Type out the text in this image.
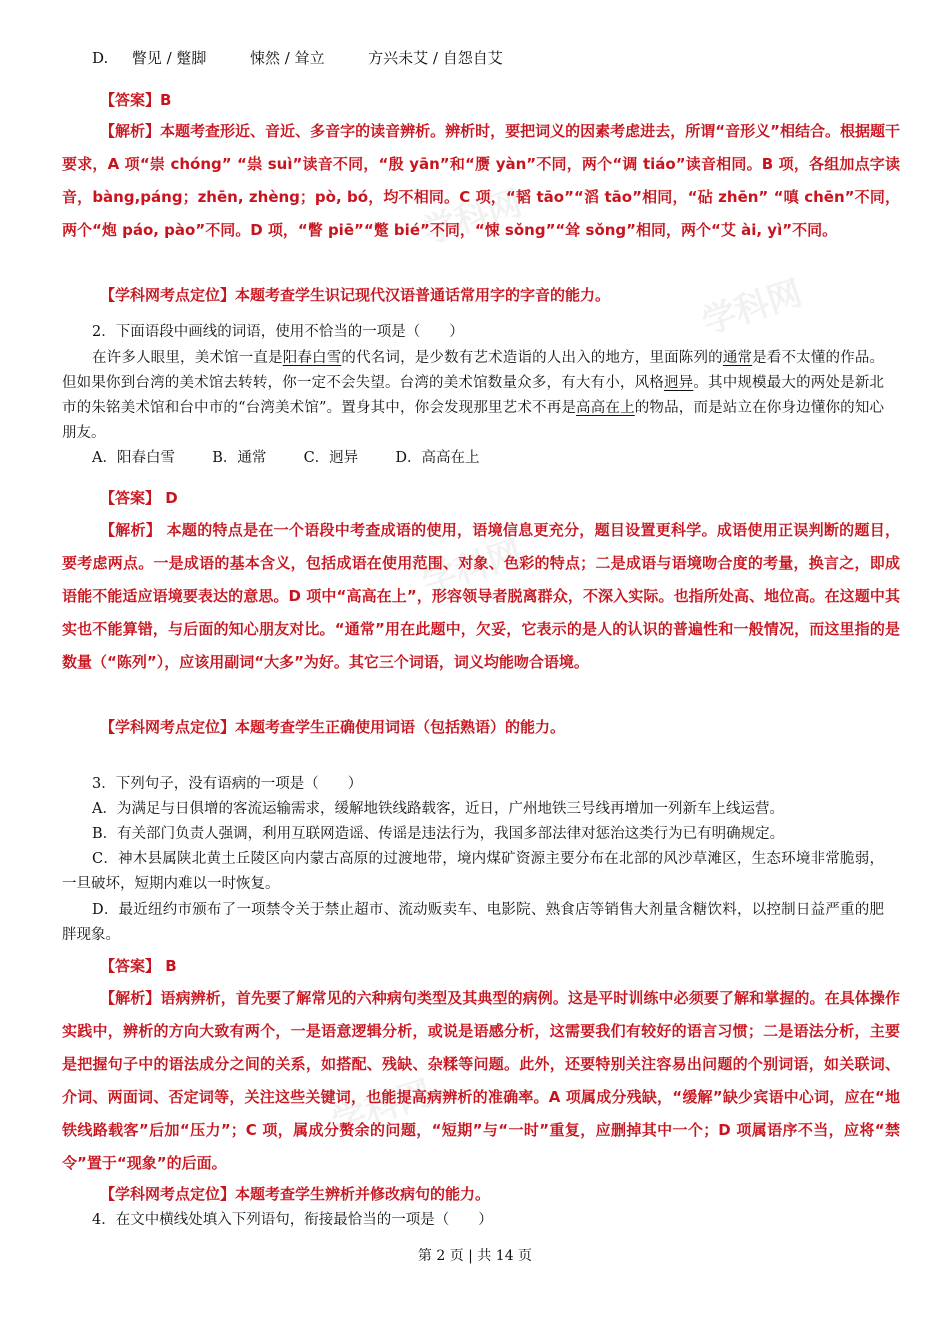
学科网
学科网
学科网
学科网
D. 瞥见 / 蹩脚	悚然 / 耸立	方兴未艾 / 自怨自艾
【答案】B
【解析】本题考查形近、音近、多音字的读音辨析。辨析时，要把词义的因素考虑进去，所谓“音形义”相结合。根据题干要求，A 项“崇 chóng” “祟 suì”读音不同，“殷 yān”和“赝 yàn”不同，两个“调 tiáo”读音相同。B 项，各组加点字读音，bàng,páng；zhēn, zhèng；pò, bó，均不相同。C 项，“韬 tāo”“滔 tāo”相同，“砧 zhēn” “嗔 chēn”不同，两个“炮 páo, pào”不同。D 项，“瞥 piē”“蹩 bié”不同，“悚 sǒng”“耸 sǒng”相同，两个“艾 ài, yì”不同。
【学科网考点定位】本题考查学生识记现代汉语普通话常用字的字音的能力。
2．下面语段中画线的词语，使用不恰当的一项是（　　）
在许多人眼里，美术馆一直是阳春白雪的代名词，是少数有艺术造诣的人出入的地方，里面陈列的通常是看不太懂的作品。但如果你到台湾的美术馆去转转，你一定不会失望。台湾的美术馆数量众多，有大有小，风格迥异。其中规模最大的两处是新北市的朱铭美术馆和台中市的“台湾美术馆”。置身其中，你会发现那里艺术不再是高高在上的物品，而是站立在你身边懂你的知心朋友。
A．阳春白雪	B．通常	C．迥异	D．高高在上
【答案】 D
【解析】 本题的特点是在一个语段中考查成语的使用，语境信息更充分，题目设置更科学。成语使用正误判断的题目，要考虑两点。一是成语的基本含义，包括成语在使用范围、对象、色彩的特点；二是成语与语境吻合度的考量，换言之，即成语能不能适应语境要表达的意思。D 项中“高高在上”，形容领导者脱离群众，不深入实际。也指所处高、地位高。在这题中其实也不能算错，与后面的知心朋友对比。“通常”用在此题中，欠妥，它表示的是人的认识的普遍性和一般情况，而这里指的是数量（“陈列”），应该用副词“大多”为好。其它三个词语，词义均能吻合语境。
【学科网考点定位】本题考查学生正确使用词语（包括熟语）的能力。
3．下列句子，没有语病的一项是（　　）
A．为满足与日俱增的客流运输需求，缓解地铁线路载客，近日，广州地铁三号线再增加一列新车上线运营。
B．有关部门负责人强调，利用互联网造谣、传谣是违法行为，我国多部法律对惩治这类行为已有明确规定。
C．神木县属陕北黄土丘陵区向内蒙古高原的过渡地带，境内煤矿资源主要分布在北部的风沙草滩区，生态环境非常脆弱，一旦破坏，短期内难以一时恢复。
D．最近纽约市颁布了一项禁令关于禁止超市、流动贩卖车、电影院、熟食店等销售大剂量含糖饮料，以控制日益严重的肥胖现象。
【答案】 B
【解析】语病辨析，首先要了解常见的六种病句类型及其典型的病例。这是平时训练中必须要了解和掌握的。在具体操作实践中，辨析的方向大致有两个，一是语意逻辑分析，或说是语感分析，这需要我们有较好的语言习惯；二是语法分析，主要是把握句子中的语法成分之间的关系，如搭配、残缺、杂糅等问题。此外，还要特别关注容易出问题的个别词语，如关联词、介词、两面词、否定词等，关注这些关键词，也能提高病辨析的准确率。A 项属成分残缺，“缓解”缺少宾语中心词，应在“地铁线路载客”后加“压力”；C 项，属成分赘余的问题，“短期”与“一时”重复，应删掉其中一个；D 项属语序不当，应将“禁令”置于“现象”的后面。
【学科网考点定位】本题考查学生辨析并修改病句的能力。
4．在文中横线处填入下列语句，衔接最恰当的一项是（　　）
第 2 页 | 共 14 页
